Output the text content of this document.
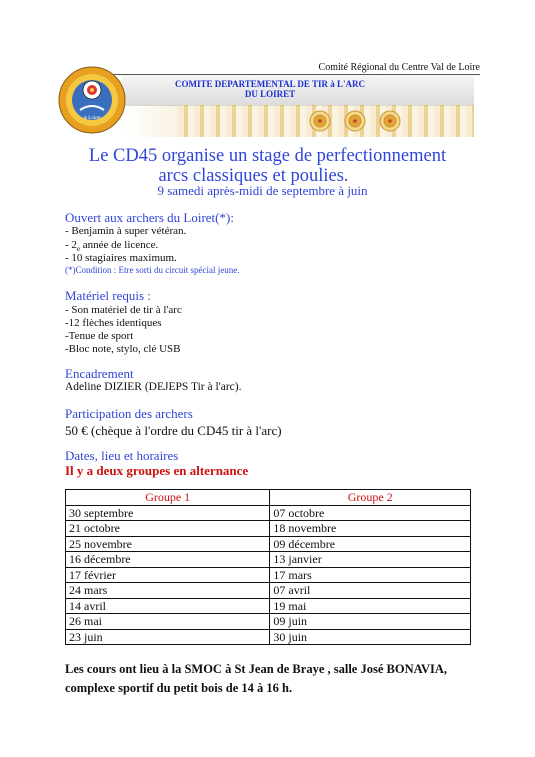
Comité Régional du Centre Val de Loire
COMITE DEPARTEMENTAL DE TIR à L'ARC
DU LOIRET
le Loiret
Le CD45 organise un stage de perfectionnement
arcs classiques et poulies.
9 samedi après-midi de septembre à juin
Ouvert aux archers du Loiret(*):
- Benjamin à super vétéran.
- $2_e$ année de licence.
- 10 stagiaires maximum.
(*)Condition : Etre sorti du circuit spécial jeune.
Matériel requis :
- Son matériel de tir à l'arc
-12 flèches identiques
-Tenue de sport
-Bloc note, stylo, clé USB
Encadrement
Adeline DIZIER (DEJEPS Tir à l'arc).
Participation des archers
50 € (chèque à l'ordre du CD45 tir à l'arc)
Dates, lieu et horaires
Il y a deux groupes en alternance
Groupe 1	Groupe 2
30 septembre	07 octobre
21 octobre	18 novembre
25 novembre	09 décembre
16 décembre	13 janvier
17 février	17 mars
24 mars	07 avril
14 avril	19 mai
26 mai	09 juin
23 juin	30 juin
Les cours ont lieu à la SMOC à St Jean de Braye , salle José BONAVIA,
complexe sportif du petit bois de 14 à 16 h.
